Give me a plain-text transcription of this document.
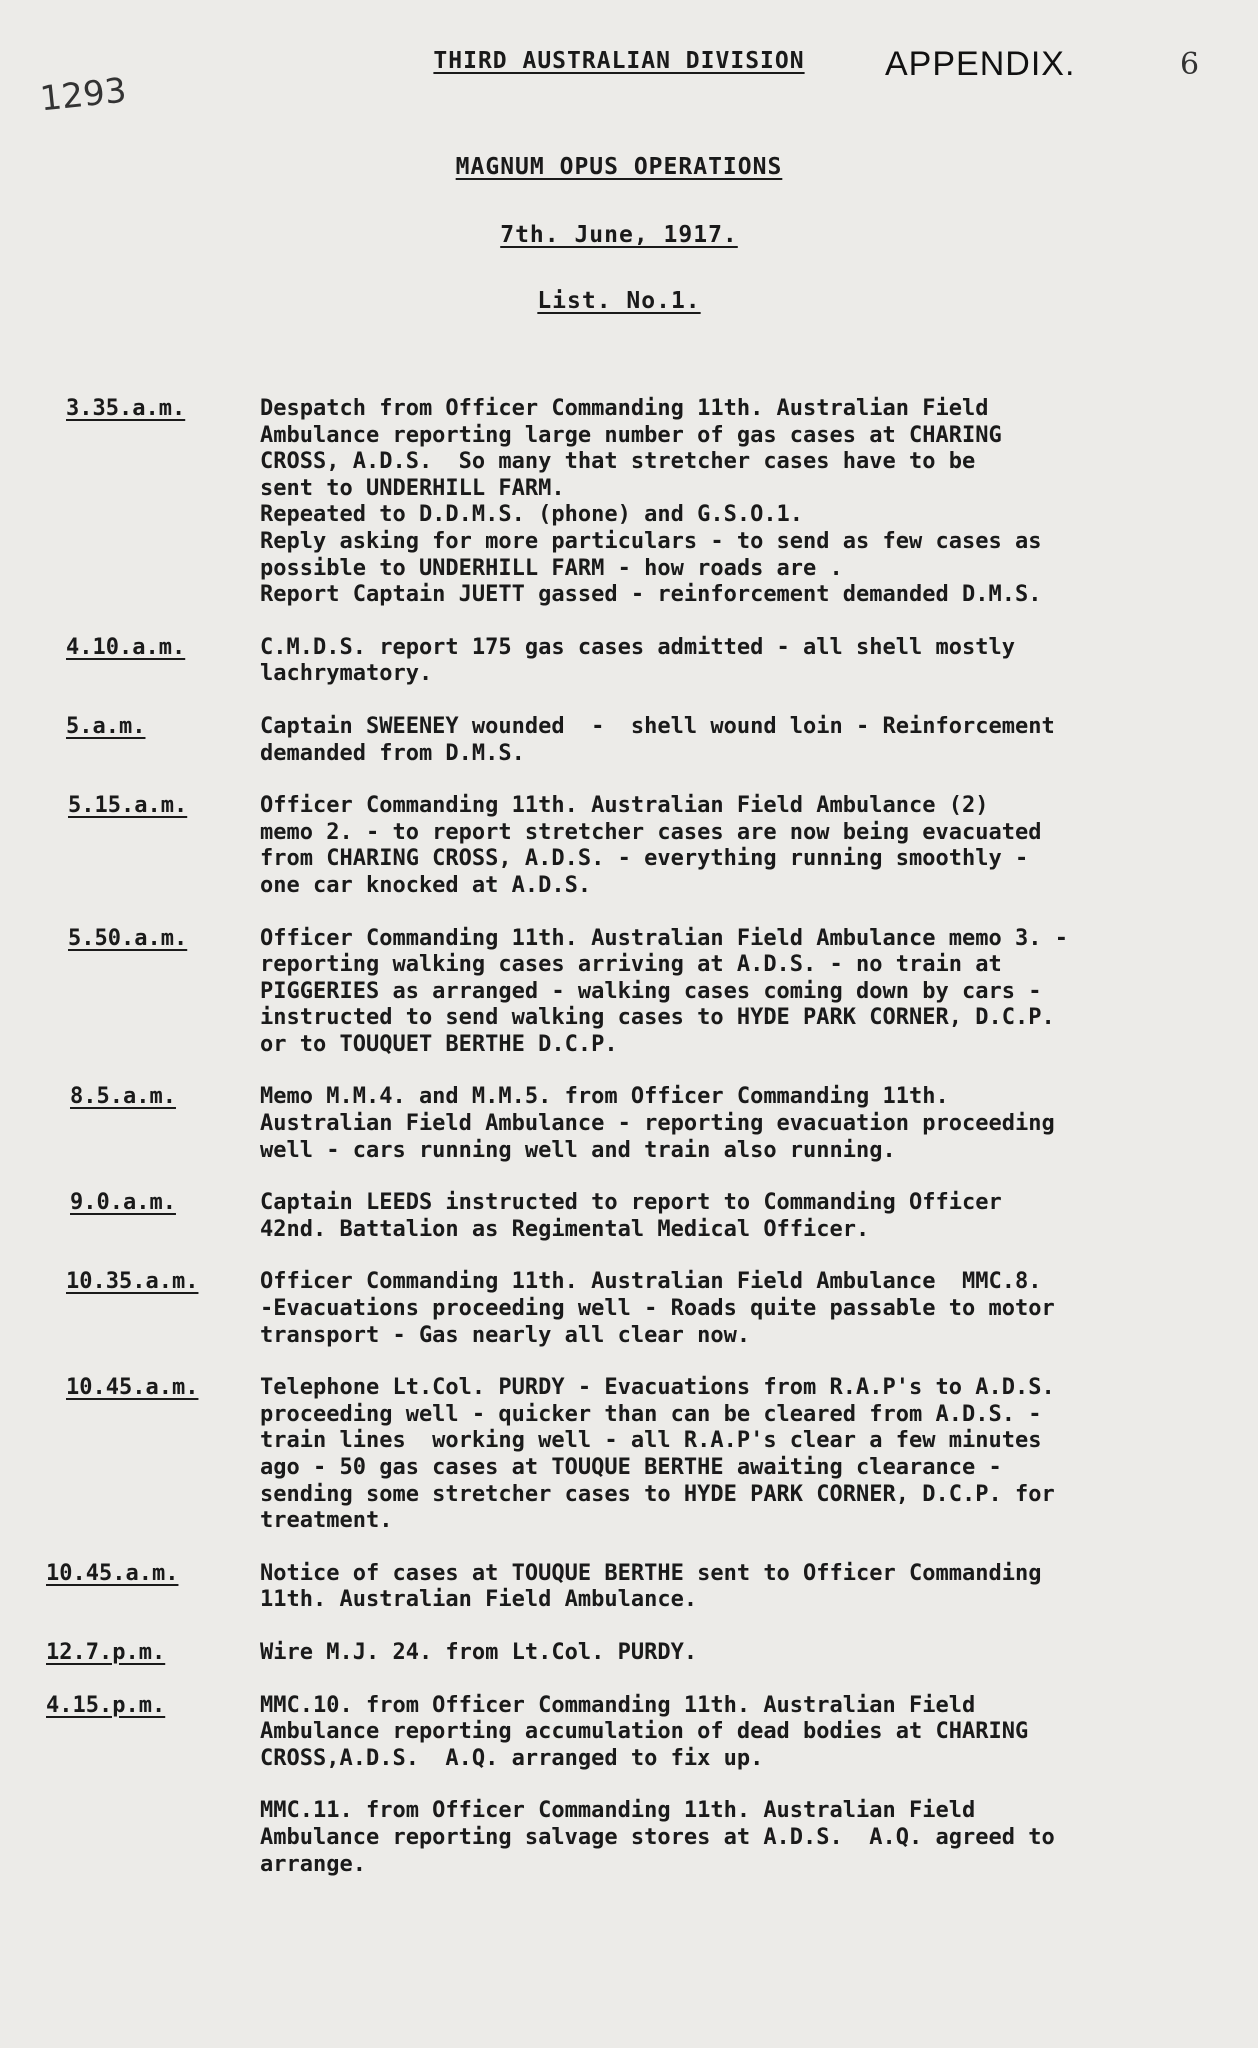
1293
APPENDIX.	6
THIRD AUSTRALIAN DIVISION
MAGNUM OPUS OPERATIONS
7th. June, 1917.
List. No.1.
3.35.a.m.	Despatch from Officer Commanding 11th. Australian Field
Ambulance reporting large number of gas cases at CHARING
CROSS, A.D.S.  So many that stretcher cases have to be
sent to UNDERHILL FARM.
Repeated to D.D.M.S. (phone) and G.S.O.1.
Reply asking for more particulars - to send as few cases as
possible to UNDERHILL FARM - how roads are .
Report Captain JUETT gassed - reinforcement demanded D.M.S.
4.10.a.m.	C.M.D.S. report 175 gas cases admitted - all shell mostly
lachrymatory.
5.a.m.	Captain SWEENEY wounded  -  shell wound loin - Reinforcement
demanded from D.M.S.
5.15.a.m.	Officer Commanding 11th. Australian Field Ambulance (2)
memo 2. - to report stretcher cases are now being evacuated
from CHARING CROSS, A.D.S. - everything running smoothly -
one car knocked at A.D.S.
5.50.a.m.	Officer Commanding 11th. Australian Field Ambulance memo 3. -
reporting walking cases arriving at A.D.S. - no train at
PIGGERIES as arranged - walking cases coming down by cars -
instructed to send walking cases to HYDE PARK CORNER, D.C.P.
or to TOUQUET BERTHE D.C.P.
8.5.a.m.	Memo M.M.4. and M.M.5. from Officer Commanding 11th.
Australian Field Ambulance - reporting evacuation proceeding
well - cars running well and train also running.
9.0.a.m.	Captain LEEDS instructed to report to Commanding Officer
42nd. Battalion as Regimental Medical Officer.
10.35.a.m.	Officer Commanding 11th. Australian Field Ambulance  MMC.8.
-Evacuations proceeding well - Roads quite passable to motor
transport - Gas nearly all clear now.
10.45.a.m.	Telephone Lt.Col. PURDY - Evacuations from R.A.P's to A.D.S.
proceeding well - quicker than can be cleared from A.D.S. -
train lines  working well - all R.A.P's clear a few minutes
ago - 50 gas cases at TOUQUE BERTHE awaiting clearance -
sending some stretcher cases to HYDE PARK CORNER, D.C.P. for
treatment.
10.45.a.m.	Notice of cases at TOUQUE BERTHE sent to Officer Commanding
11th. Australian Field Ambulance.
12.7.p.m.	Wire M.J. 24. from Lt.Col. PURDY.
4.15.p.m.	MMC.10. from Officer Commanding 11th. Australian Field
Ambulance reporting accumulation of dead bodies at CHARING
CROSS,A.D.S.  A.Q. arranged to fix up.
MMC.11. from Officer Commanding 11th. Australian Field
Ambulance reporting salvage stores at A.D.S.  A.Q. agreed to
arrange.
